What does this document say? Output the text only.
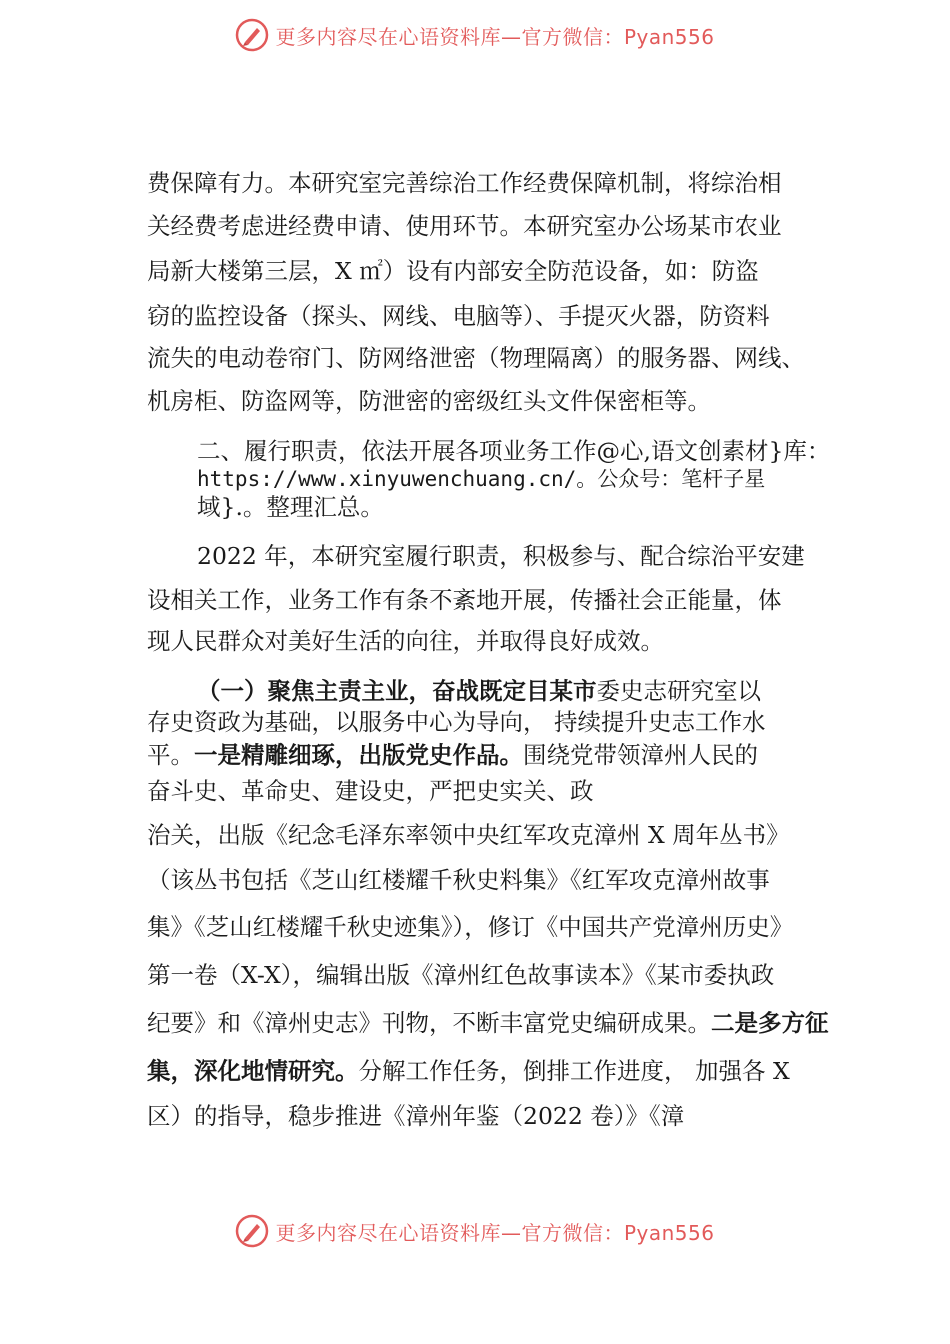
更多内容尽在心语资料库—官方微信：Pyan556
费保障有力。本研究室完善综治工作经费保障机制，将综治相
关经费考虑进经费申请、使用环节。本研究室办公场某市农业
局新大楼第三层，X ㎡）设有内部安全防范设备，如：防盗
窃的监控设备（探头、网线、电脑等）、手提灭火器，防资料
流失的电动卷帘门、防网络泄密（物理隔离）的服务器、网线、
机房柜、防盗网等，防泄密的密级红头文件保密柜等。
二、履行职责，依法开展各项业务工作@心,语文创素材}库：
https://www.xinyuwenchuang.cn/。公众号：笔杆子星
域}.。整理汇总。
2022 年，本研究室履行职责，积极参与、配合综治平安建
设相关工作，业务工作有条不紊地开展，传播社会正能量，体
现人民群众对美好生活的向往，并取得良好成效。
（一）聚焦主责主业，奋战既定目某市委史志研究室以
存史资政为基础，以服务中心为导向， 持续提升史志工作水
平。一是精雕细琢，出版党史作品。围绕党带领漳州人民的
奋斗史、革命史、建设史，严把史实关、政
治关，出版《纪念毛泽东率领中央红军攻克漳州 X 周年丛书》
（该丛书包括《芝山红楼耀千秋史料集》《红军攻克漳州故事
集》《芝山红楼耀千秋史迹集》），修订《中国共产党漳州历史》
第一卷（X-X），编辑出版《漳州红色故事读本》《某市委执政
纪要》和《漳州史志》刊物，不断丰富党史编研成果。二是多方征
集，深化地情研究。分解工作任务，倒排工作进度， 加强各 X
区）的指导，稳步推进《漳州年鉴（2022 卷）》《漳
更多内容尽在心语资料库—官方微信：Pyan556
